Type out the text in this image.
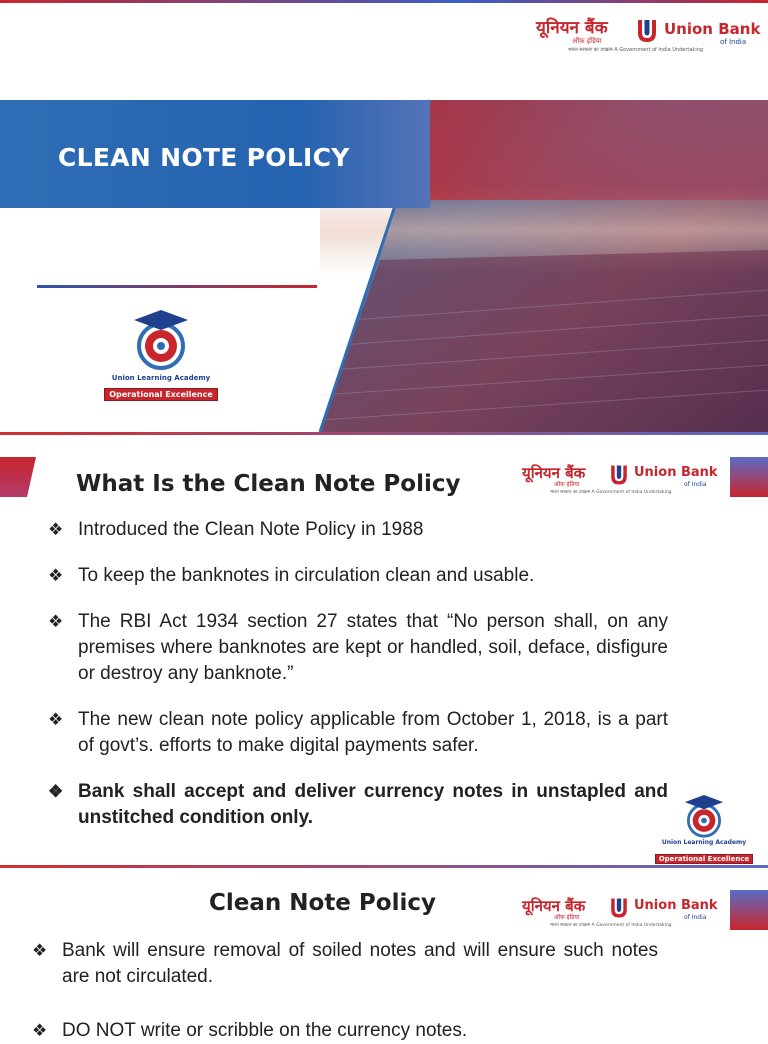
यूनियन बैंक
ऑफ़ इंडिया
Union Bank
of India
भारत सरकार का उपक्रम A Government of India Undertaking
CLEAN NOTE POLICY
Union Learning Academy
Operational Excellence
What Is the Clean Note Policy	यूनियन बैंक
ऑफ़ इंडिया
Union Bank
of India
भारत सरकार का उपक्रम A Government of India Undertaking
❖ Introduced the Clean Note Policy in 1988
❖ To keep the banknotes in circulation clean and usable.
❖ The RBI Act 1934 section 27 states that “No person shall, on any premises where banknotes are kept or handled, soil, deface, disfigure or destroy any banknote.”
❖ The new clean note policy applicable from October 1, 2018, is a part of govt’s. efforts to make digital payments safer.
❖ Bank shall accept and deliver currency notes in unstapled and unstitched condition only.
Union Learning Academy
Operational Excellence
Clean Note Policy	यूनियन बैंक
ऑफ़ इंडिया
Union Bank
of India
भारत सरकार का उपक्रम A Government of India Undertaking
❖ Bank will ensure removal of soiled notes and will ensure such notes are not circulated.
❖ DO NOT write or scribble on the currency notes.
